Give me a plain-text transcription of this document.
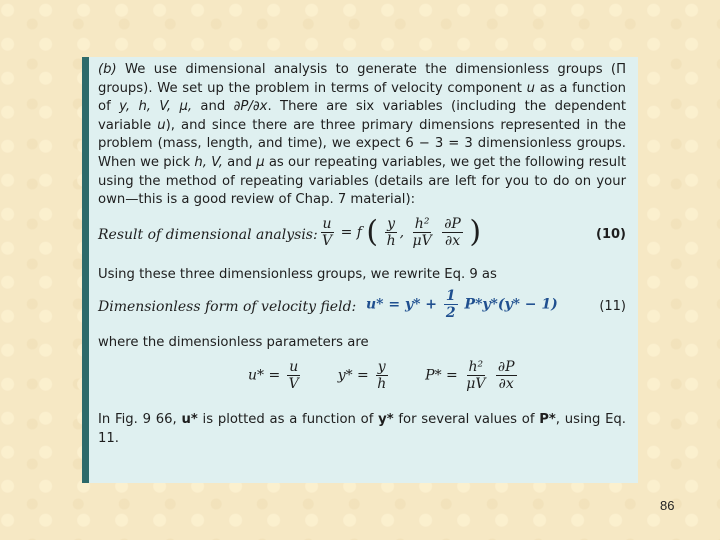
(b) We use dimensional analysis to generate the dimensionless groups (Π groups). We set up the problem in terms of velocity component u as a function of y, h, V, μ, and ∂P/∂x. There are six variables (including the dependent variable u), and since there are three primary dimensions represented in the problem (mass, length, and time), we expect 6 − 3 = 3 dimensionless groups. When we pick h, V, and μ as our repeating variables, we get the following result using the method of repeating variables (details are left for you to do on your own—this is a good review of Chap. 7 material):

Result of dimensional analysis: $\frac{u}{V} = f$ ( $\frac{y}{h}$ , $\frac{\text{h²}}{\mu V}$
$\frac{\partial P}{\partial x}$ )	(10)

Using these three dimensionless groups, we rewrite Eq. 9 as

Dimensionless form of velocity field: $u* = y* + \frac{1}{2} P*y*(y* - 1)$	(11)

where the dimensionless parameters are

$u* = \frac{u}{V}$	$y* = \frac{y}{h}$	$P* = \frac{\text{h²}}{\mu V}$
$\frac{\partial P}{\partial x}$

In Fig. 9 66, u* is plotted as a function of y* for several values of P*, using Eq. 11.

86
